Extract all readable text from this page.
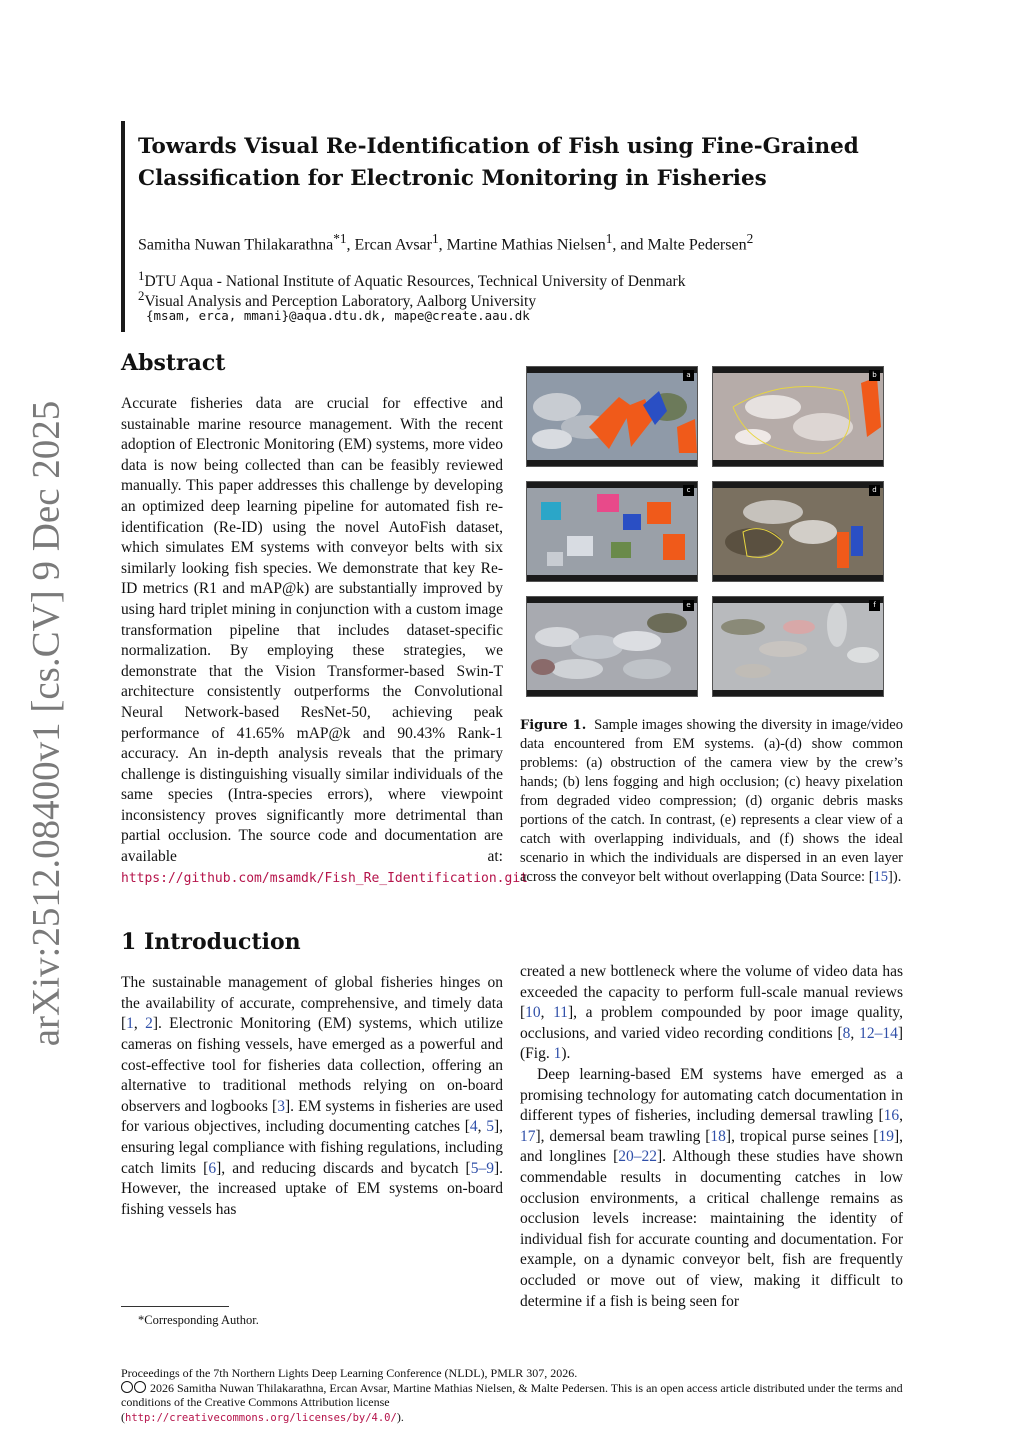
arXiv:2512.08400v1 [cs.CV] 9 Dec 2025
Towards Visual Re-Identification of Fish using Fine-Grained Classification for Electronic Monitoring in Fisheries
Samitha Nuwan Thilakarathna$^{*1}$, Ercan Avsar$^1$, Martine Mathias Nielsen$^1$, and Malte Pedersen$^2$
$^1$DTU Aqua - National Institute of Aquatic Resources, Technical University of Denmark
$^2$Visual Analysis and Perception Laboratory, Aalborg University
{msam, erca, mmani}@aqua.dtu.dk, mape@create.aau.dk
Abstract

Accurate fisheries data are crucial for effective and sustainable marine resource management. With the recent adoption of Electronic Monitoring (EM) systems, more video data is now being collected than can be feasibly reviewed manually. This paper addresses this challenge by developing an optimized deep learning pipeline for automated fish re-identification (Re-ID) using the novel AutoFish dataset, which simulates EM systems with conveyor belts with six similarly looking fish species. We demonstrate that key Re-ID metrics (R1 and mAP@k) are substantially improved by using hard triplet mining in conjunction with a custom image transformation pipeline that includes dataset-specific normalization. By employing these strategies, we demonstrate that the Vision Transformer-based Swin-T architecture consistently outperforms the Convolutional Neural Network-based ResNet-50, achieving peak performance of 41.65% mAP@k and 90.43% Rank-1 accuracy. An in-depth analysis reveals that the primary challenge is distinguishing visually similar individuals of the same species (Intra-species errors), where viewpoint inconsistency proves significantly more detrimental than partial occlusion. The source code and documentation are available at: https://github.com/msamdk/Fish_Re_Identification.git

1 Introduction

The sustainable management of global fisheries hinges on the availability of accurate, comprehensive, and timely data [1, 2]. Electronic Monitoring (EM) systems, which utilize cameras on fishing vessels, have emerged as a powerful and cost-effective tool for fisheries data collection, offering an alternative to traditional methods relying on on-board observers and logbooks [3]. EM systems in fisheries are used for various objectives, including documenting catches [4, 5], ensuring legal compliance with fishing regulations, including catch limits [6], and reducing discards and bycatch [5–9]. However, the increased uptake of EM systems on-board fishing vessels has

*Corresponding Author.
a	b
c	d
e	f
Figure 1. Sample images showing the diversity in image/video data encountered from EM systems. (a)-(d) show common problems: (a) obstruction of the camera view by the crew’s hands; (b) lens fogging and high occlusion; (c) heavy pixelation from degraded video compression; (d) organic debris masks portions of the catch. In contrast, (e) represents a clear view of a catch with overlapping individuals, and (f) shows the ideal scenario in which the individuals are dispersed in an even layer across the conveyor belt without overlapping (Data Source: [15]).

created a new bottleneck where the volume of video data has exceeded the capacity to perform full-scale manual reviews [10, 11], a problem compounded by poor image quality, occlusions, and varied video recording conditions [8, 12–14] (Fig. 1).

Deep learning-based EM systems have emerged as a promising technology for automating catch documentation in different types of fisheries, including demersal trawling [16, 17], demersal beam trawling [18], tropical purse seines [19], and longlines [20–22]. Although these studies have shown commendable results in documenting catches in low occlusion environments, a critical challenge remains as occlusion levels increase: maintaining the identity of individual fish for accurate counting and documentation. For example, on a dynamic conveyor belt, fish are frequently occluded or move out of view, making it difficult to determine if a fish is being seen for

Proceedings of the 7th Northern Lights Deep Learning Conference (NLDL), PMLR 307, 2026.
2026 Samitha Nuwan Thilakarathna, Ercan Avsar, Martine Mathias Nielsen, & Malte Pedersen. This is an open access article distributed under the terms and conditions of the Creative Commons Attribution license
(http://creativecommons.org/licenses/by/4.0/).
